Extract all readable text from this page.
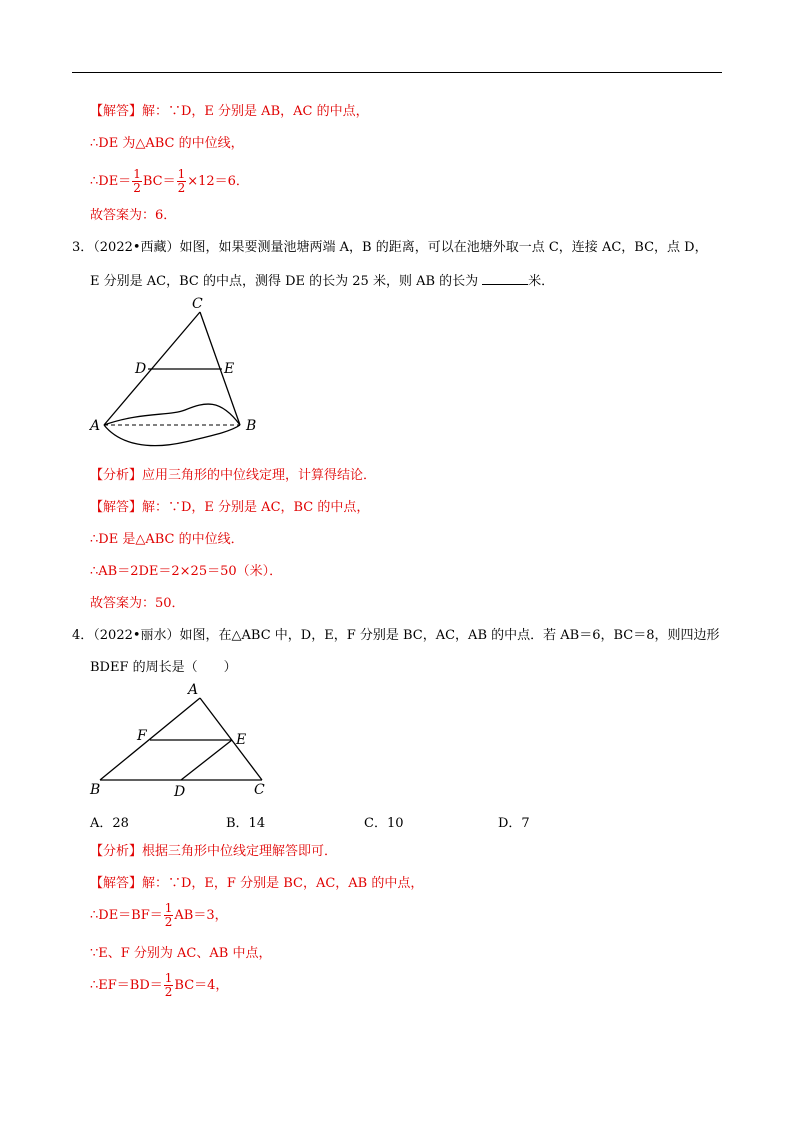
【解答】解：∵D，E 分别是 AB，AC 的中点，
∴DE 为△ABC 的中位线，
∴DE＝ $\frac{1}{2} BC= \frac{1}{2} \times 12=6$．
故答案为：6．
3．（2022•西藏）如图，如果要测量池塘两端 A，B 的距离，可以在池塘外取一点 C，连接 AC，BC，点 D，
E 分别是 AC，BC 的中点，测得 DE 的长为 25 米，则 AB 的长为	米．
C
D	E
A	B
【分析】应用三角形的中位线定理，计算得结论．
【解答】解：∵D，E 分别是 AC，BC 的中点，
∴DE 是△ABC 的中位线．
∴AB＝2DE＝2×25＝50（米）．
故答案为：50．
4．（2022•丽水）如图，在△ABC 中，D，E，F 分别是 BC，AC，AB 的中点．若 AB＝6，BC＝8，则四边形
BDEF 的周长是（　　）
A
F	E
B	D	C
A．28	B．14	C．10	D．7
【分析】根据三角形中位线定理解答即可．
【解答】解：∵D，E，F 分别是 BC，AC，AB 的中点，
∴DE＝BF＝ $\frac{1}{2} AB=3$，
∵E、F 分别为 AC、AB 中点，
∴EF＝BD＝ $\frac{1}{2} BC=4$，
